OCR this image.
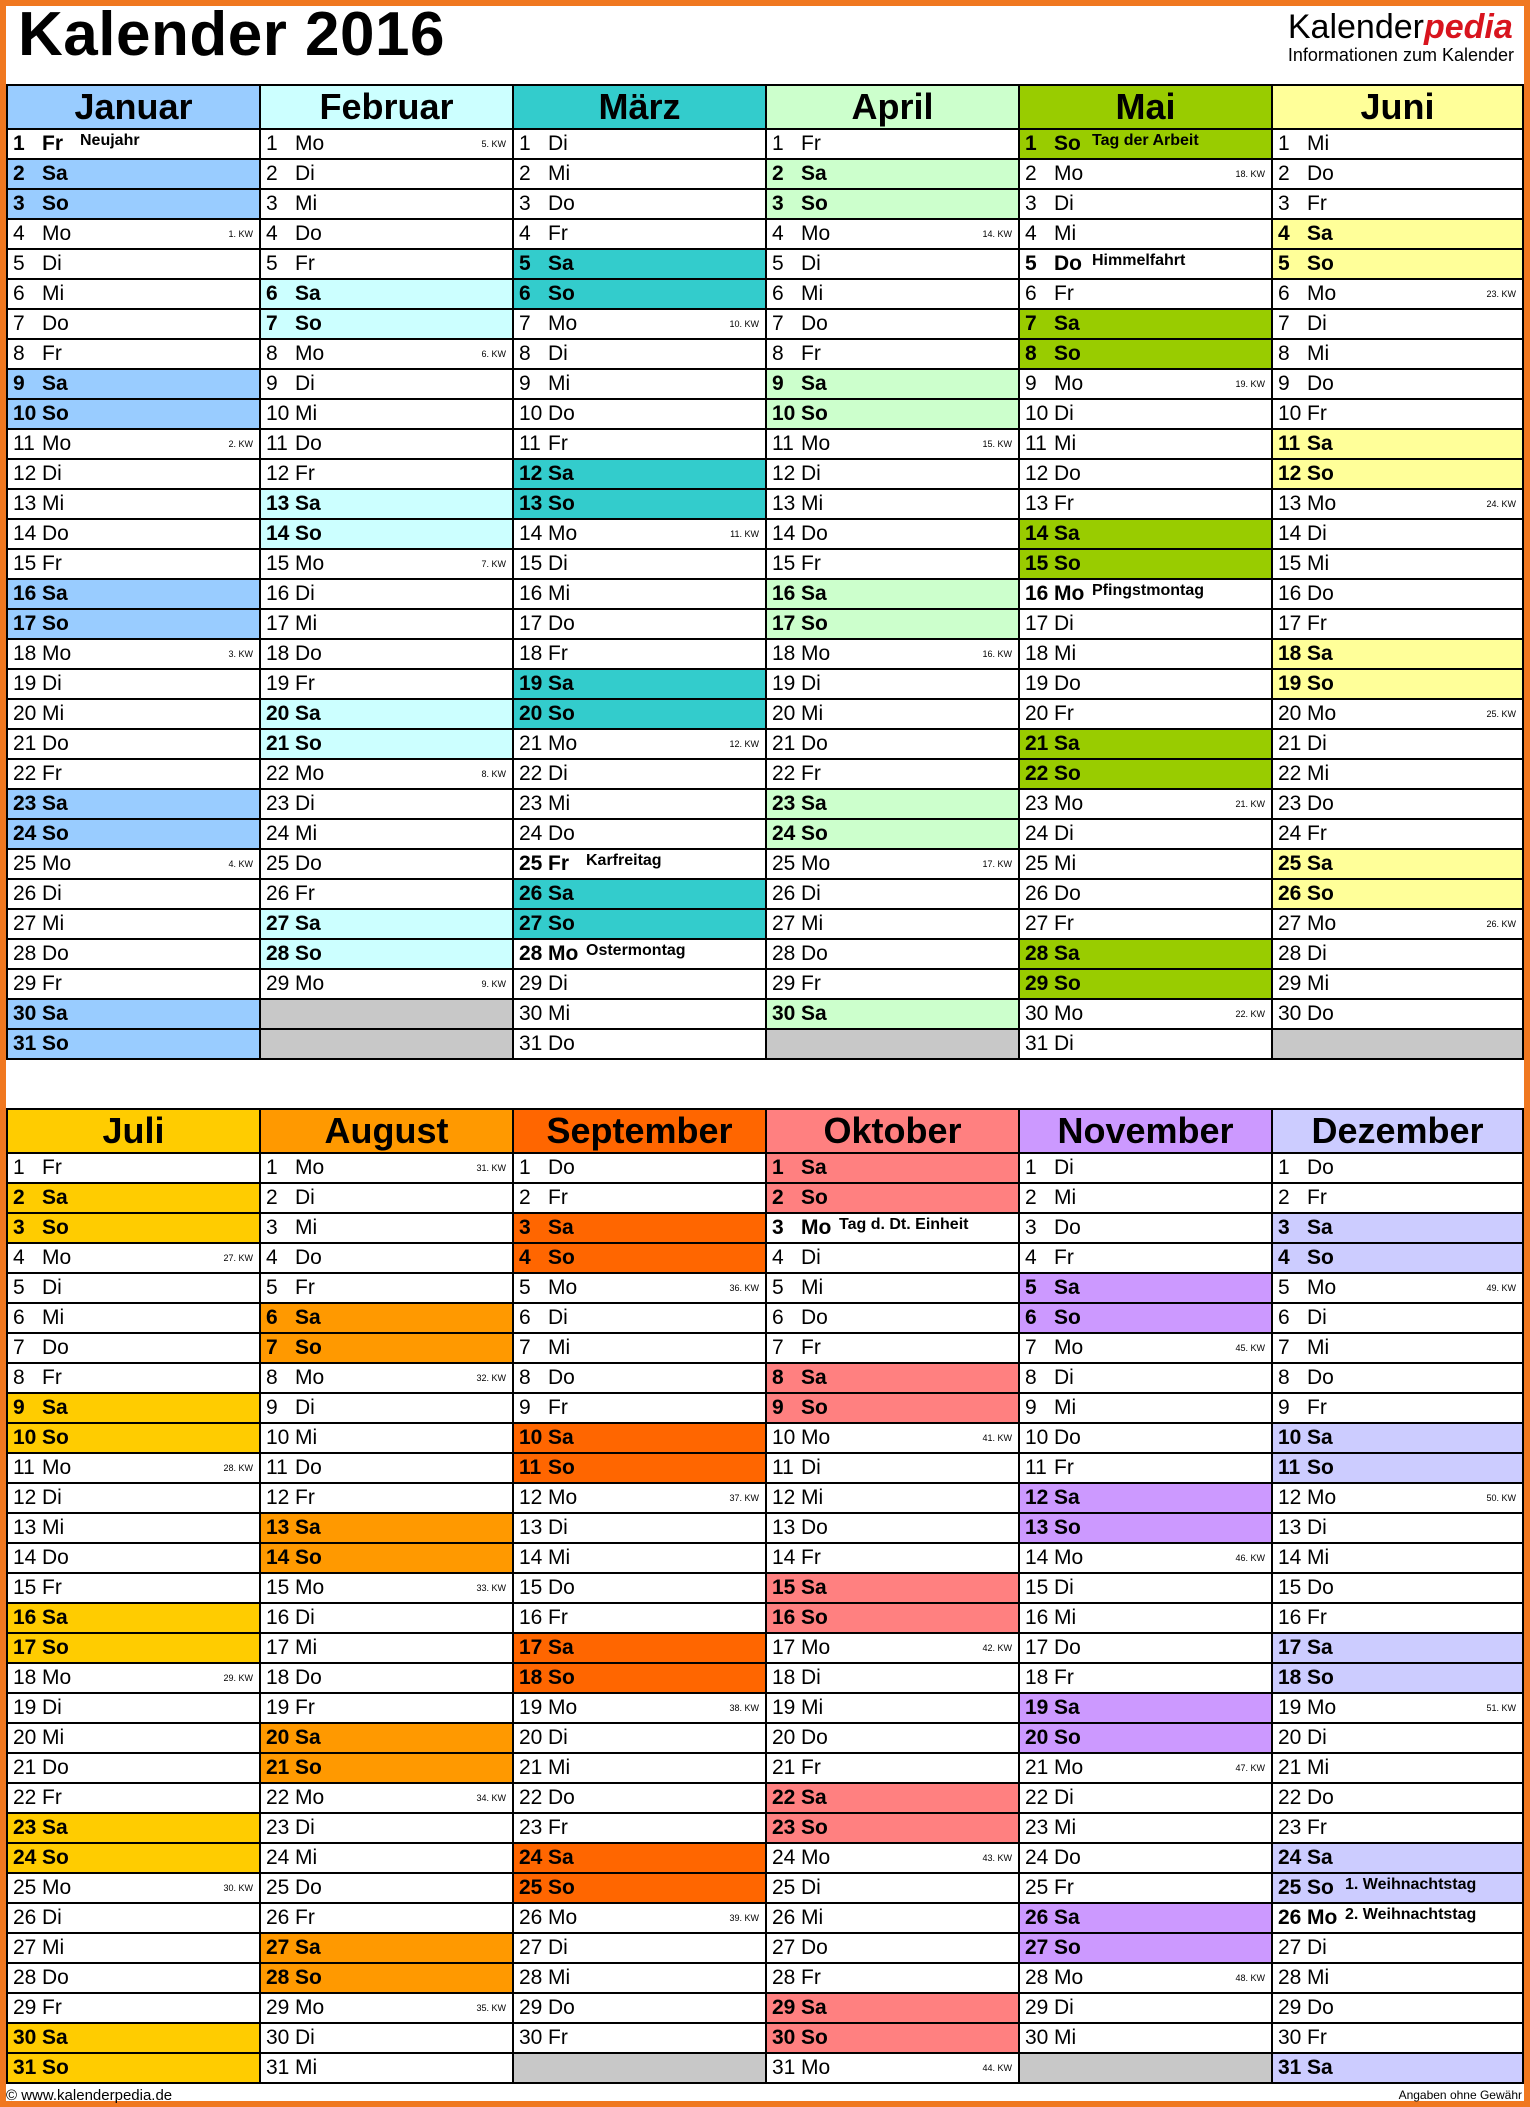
Kalender 2016	Kalenderpedia
Informationen zum Kalender
Januar
1 Fr Neujahr
2 Sa
3 So
4 Mo	1. KW
5 Di
6 Mi
7 Do
8 Fr
9 Sa
10 So
11 Mo	2. KW
12 Di
13 Mi
14 Do
15 Fr
16 Sa
17 So
18 Mo	3. KW
19 Di
20 Mi
21 Do
22 Fr
23 Sa
24 So
25 Mo	4. KW
26 Di
27 Mi
28 Do
29 Fr
30 Sa
31 So
Februar
1 Mo	5. KW
2 Di
3 Mi
4 Do
5 Fr
6 Sa
7 So
8 Mo	6. KW
9 Di
10 Mi
11 Do
12 Fr
13 Sa
14 So
15 Mo	7. KW
16 Di
17 Mi
18 Do
19 Fr
20 Sa
21 So
22 Mo	8. KW
23 Di
24 Mi
25 Do
26 Fr
27 Sa
28 So
29 Mo	9. KW
März
1 Di
2 Mi
3 Do
4 Fr
5 Sa
6 So
7 Mo	10. KW
8 Di
9 Mi
10 Do
11 Fr
12 Sa
13 So
14 Mo	11. KW
15 Di
16 Mi
17 Do
18 Fr
19 Sa
20 So
21 Mo	12. KW
22 Di
23 Mi
24 Do
25 Fr Karfreitag
26 Sa
27 So
28 Mo Ostermontag
29 Di
30 Mi
31 Do
April
1 Fr
2 Sa
3 So
4 Mo	14. KW
5 Di
6 Mi
7 Do
8 Fr
9 Sa
10 So
11 Mo	15. KW
12 Di
13 Mi
14 Do
15 Fr
16 Sa
17 So
18 Mo	16. KW
19 Di
20 Mi
21 Do
22 Fr
23 Sa
24 So
25 Mo	17. KW
26 Di
27 Mi
28 Do
29 Fr
30 Sa
Mai
1 So Tag der Arbeit
2 Mo	18. KW
3 Di
4 Mi
5 Do Himmelfahrt
6 Fr
7 Sa
8 So
9 Mo	19. KW
10 Di
11 Mi
12 Do
13 Fr
14 Sa
15 So
16 Mo Pfingstmontag
17 Di
18 Mi
19 Do
20 Fr
21 Sa
22 So
23 Mo	21. KW
24 Di
25 Mi
26 Do
27 Fr
28 Sa
29 So
30 Mo	22. KW
31 Di
Juni
1 Mi
2 Do
3 Fr
4 Sa
5 So
6 Mo	23. KW
7 Di
8 Mi
9 Do
10 Fr
11 Sa
12 So
13 Mo	24. KW
14 Di
15 Mi
16 Do
17 Fr
18 Sa
19 So
20 Mo	25. KW
21 Di
22 Mi
23 Do
24 Fr
25 Sa
26 So
27 Mo	26. KW
28 Di
29 Mi
30 Do
Juli
1 Fr
2 Sa
3 So
4 Mo	27. KW
5 Di
6 Mi
7 Do
8 Fr
9 Sa
10 So
11 Mo	28. KW
12 Di
13 Mi
14 Do
15 Fr
16 Sa
17 So
18 Mo	29. KW
19 Di
20 Mi
21 Do
22 Fr
23 Sa
24 So
25 Mo	30. KW
26 Di
27 Mi
28 Do
29 Fr
30 Sa
31 So
August
1 Mo	31. KW
2 Di
3 Mi
4 Do
5 Fr
6 Sa
7 So
8 Mo	32. KW
9 Di
10 Mi
11 Do
12 Fr
13 Sa
14 So
15 Mo	33. KW
16 Di
17 Mi
18 Do
19 Fr
20 Sa
21 So
22 Mo	34. KW
23 Di
24 Mi
25 Do
26 Fr
27 Sa
28 So
29 Mo	35. KW
30 Di
31 Mi
September
1 Do
2 Fr
3 Sa
4 So
5 Mo	36. KW
6 Di
7 Mi
8 Do
9 Fr
10 Sa
11 So
12 Mo	37. KW
13 Di
14 Mi
15 Do
16 Fr
17 Sa
18 So
19 Mo	38. KW
20 Di
21 Mi
22 Do
23 Fr
24 Sa
25 So
26 Mo	39. KW
27 Di
28 Mi
29 Do
30 Fr
Oktober
1 Sa
2 So
3 Mo Tag d. Dt. Einheit
4 Di
5 Mi
6 Do
7 Fr
8 Sa
9 So
10 Mo	41. KW
11 Di
12 Mi
13 Do
14 Fr
15 Sa
16 So
17 Mo	42. KW
18 Di
19 Mi
20 Do
21 Fr
22 Sa
23 So
24 Mo	43. KW
25 Di
26 Mi
27 Do
28 Fr
29 Sa
30 So
31 Mo	44. KW
November
1 Di
2 Mi
3 Do
4 Fr
5 Sa
6 So
7 Mo	45. KW
8 Di
9 Mi
10 Do
11 Fr
12 Sa
13 So
14 Mo	46. KW
15 Di
16 Mi
17 Do
18 Fr
19 Sa
20 So
21 Mo	47. KW
22 Di
23 Mi
24 Do
25 Fr
26 Sa
27 So
28 Mo	48. KW
29 Di
30 Mi
Dezember
1 Do
2 Fr
3 Sa
4 So
5 Mo	49. KW
6 Di
7 Mi
8 Do
9 Fr
10 Sa
11 So
12 Mo	50. KW
13 Di
14 Mi
15 Do
16 Fr
17 Sa
18 So
19 Mo	51. KW
20 Di
21 Mi
22 Do
23 Fr
24 Sa
25 So 1. Weihnachtstag
26 Mo 2. Weihnachtstag
27 Di
28 Mi
29 Do
30 Fr
31 Sa
© www.kalenderpedia.de	Angaben ohne Gewähr
